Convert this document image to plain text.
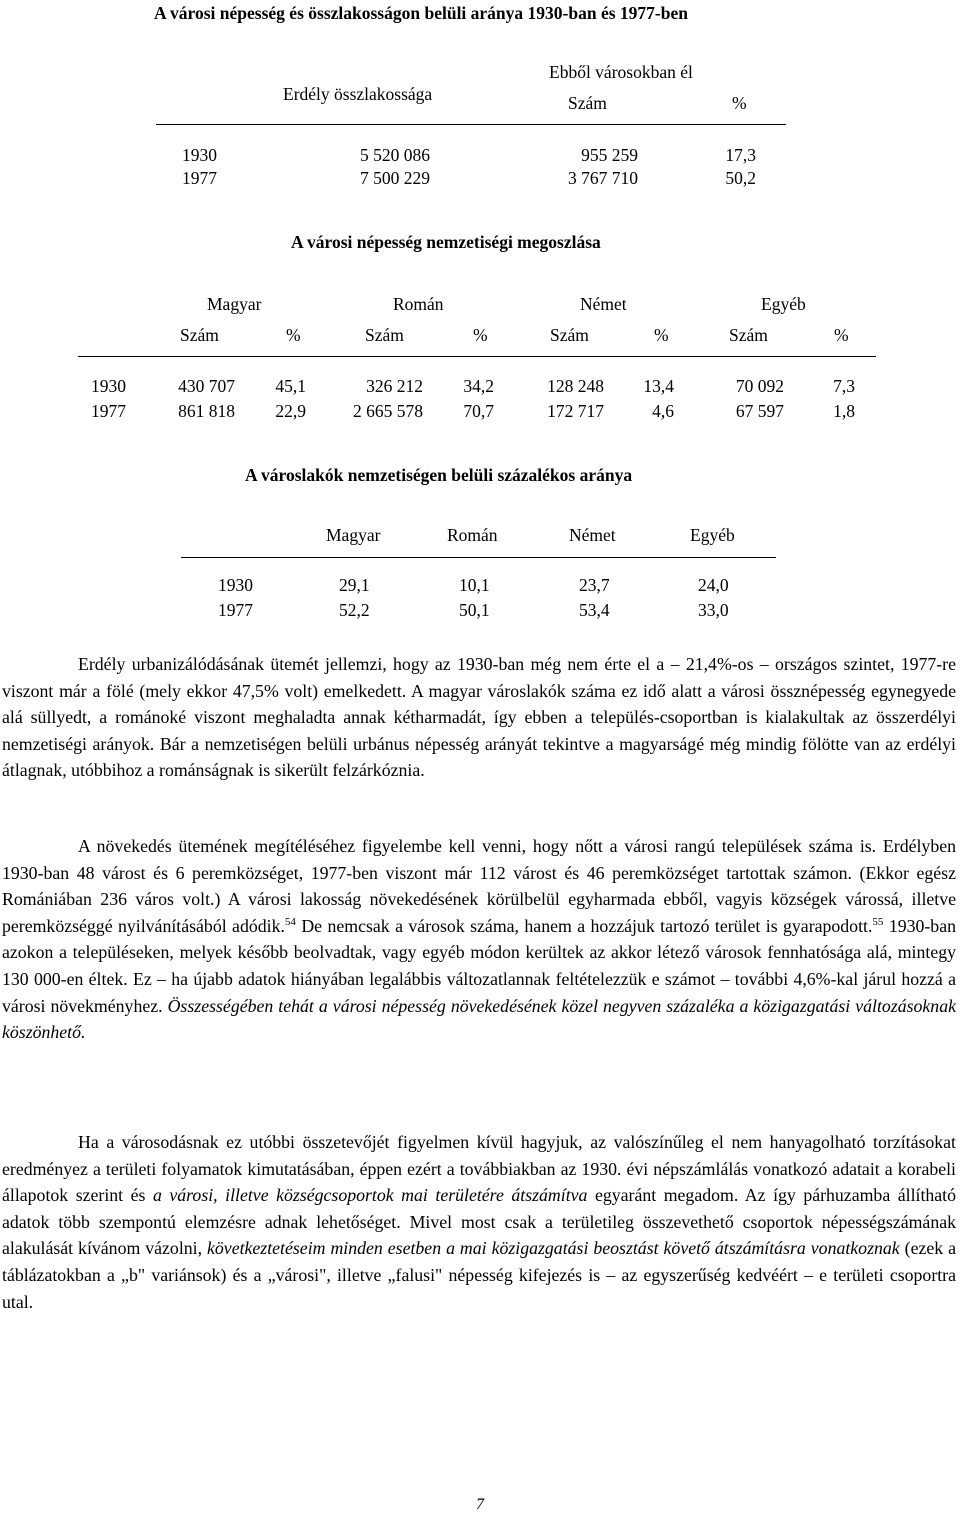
A városi népesség és összlakosságon belüli aránya 1930-ban és 1977-ben
Erdély összlakossága
Ebből városokban él
Szám	%
1930	5 520 086	955 259	17,3
1977	7 500 229	3 767 710	50,2
A városi népesség nemzetiségi megoszlása
Magyar	Román	Német	Egyéb
Szám	%	Szám	%	Szám	%	Szám	%
1930	430 707	45,1	326 212	34,2	128 248	13,4	70 092	7,3
1977	861 818	22,9	2 665 578	70,7	172 717	4,6	67 597	1,8
A városlakók nemzetiségen belüli százalékos aránya
Magyar	Román	Német	Egyéb
1930	29,1	10,1	23,7	24,0
1977	52,2	50,1	53,4	33,0
Erdély urbanizálódásának ütemét jellemzi, hogy az 1930-ban még nem érte el a – 21,4%-os – országos szintet, 1977-re viszont már a fölé (mely ekkor 47,5% volt) emelkedett. A magyar városlakók száma ez idő alatt a városi össznépesség egynegyede alá süllyedt, a románoké viszont meghaladta annak kétharmadát, így ebben a település-csoportban is kialakultak az összerdélyi nemzetiségi arányok. Bár a nemzetiségen belüli urbánus népesség arányát tekintve a magyarságé még mindig fölötte van az erdélyi átlagnak, utóbbihoz a románságnak is sikerült felzárkóznia.
A növekedés ütemének megítéléséhez figyelembe kell venni, hogy nőtt a városi rangú települések száma is. Erdélyben 1930-ban 48 várost és 6 peremközséget, 1977-ben viszont már 112 várost és 46 peremközséget tartottak számon. (Ekkor egész Romániában 236 város volt.) A városi lakosság növekedésének körülbelül egyharmada ebből, vagyis községek várossá, illetve peremközséggé nyilvánításából adódik.$^{54}$ De nemcsak a városok száma, hanem a hozzájuk tartozó terület is gyarapodott.$^{55}$ 1930-ban azokon a településeken, melyek később beolvadtak, vagy egyéb módon kerültek az akkor létező városok fennhatósága alá, mintegy 130 000-en éltek. Ez – ha újabb adatok hiányában legalábbis változatlannak feltételezzük e számot – további 4,6%-kal járul hozzá a városi növekményhez. Összességében tehát a városi népesség növekedésének közel negyven százaléka a közigazgatási változásoknak köszönhető.
Ha a városodásnak ez utóbbi összetevőjét figyelmen kívül hagyjuk, az valószínűleg el nem hanyagolható torzításokat eredményez a területi folyamatok kimutatásában, éppen ezért a továbbiakban az 1930. évi népszámlálás vonatkozó adatait a korabeli állapotok szerint és a városi, illetve községcsoportok mai területére átszámítva egyaránt megadom. Az így párhuzamba állítható adatok több szempontú elemzésre adnak lehetőséget. Mivel most csak a területileg összevethető csoportok népességszámának alakulását kívánom vázolni, következtetéseim minden esetben a mai közigazgatási beosztást követő átszámításra vonatkoznak (ezek a táblázatokban a „b" variánsok) és a „városi", illetve „falusi" népesség kifejezés is – az egyszerűség kedvéért – e területi csoportra utal.
7
